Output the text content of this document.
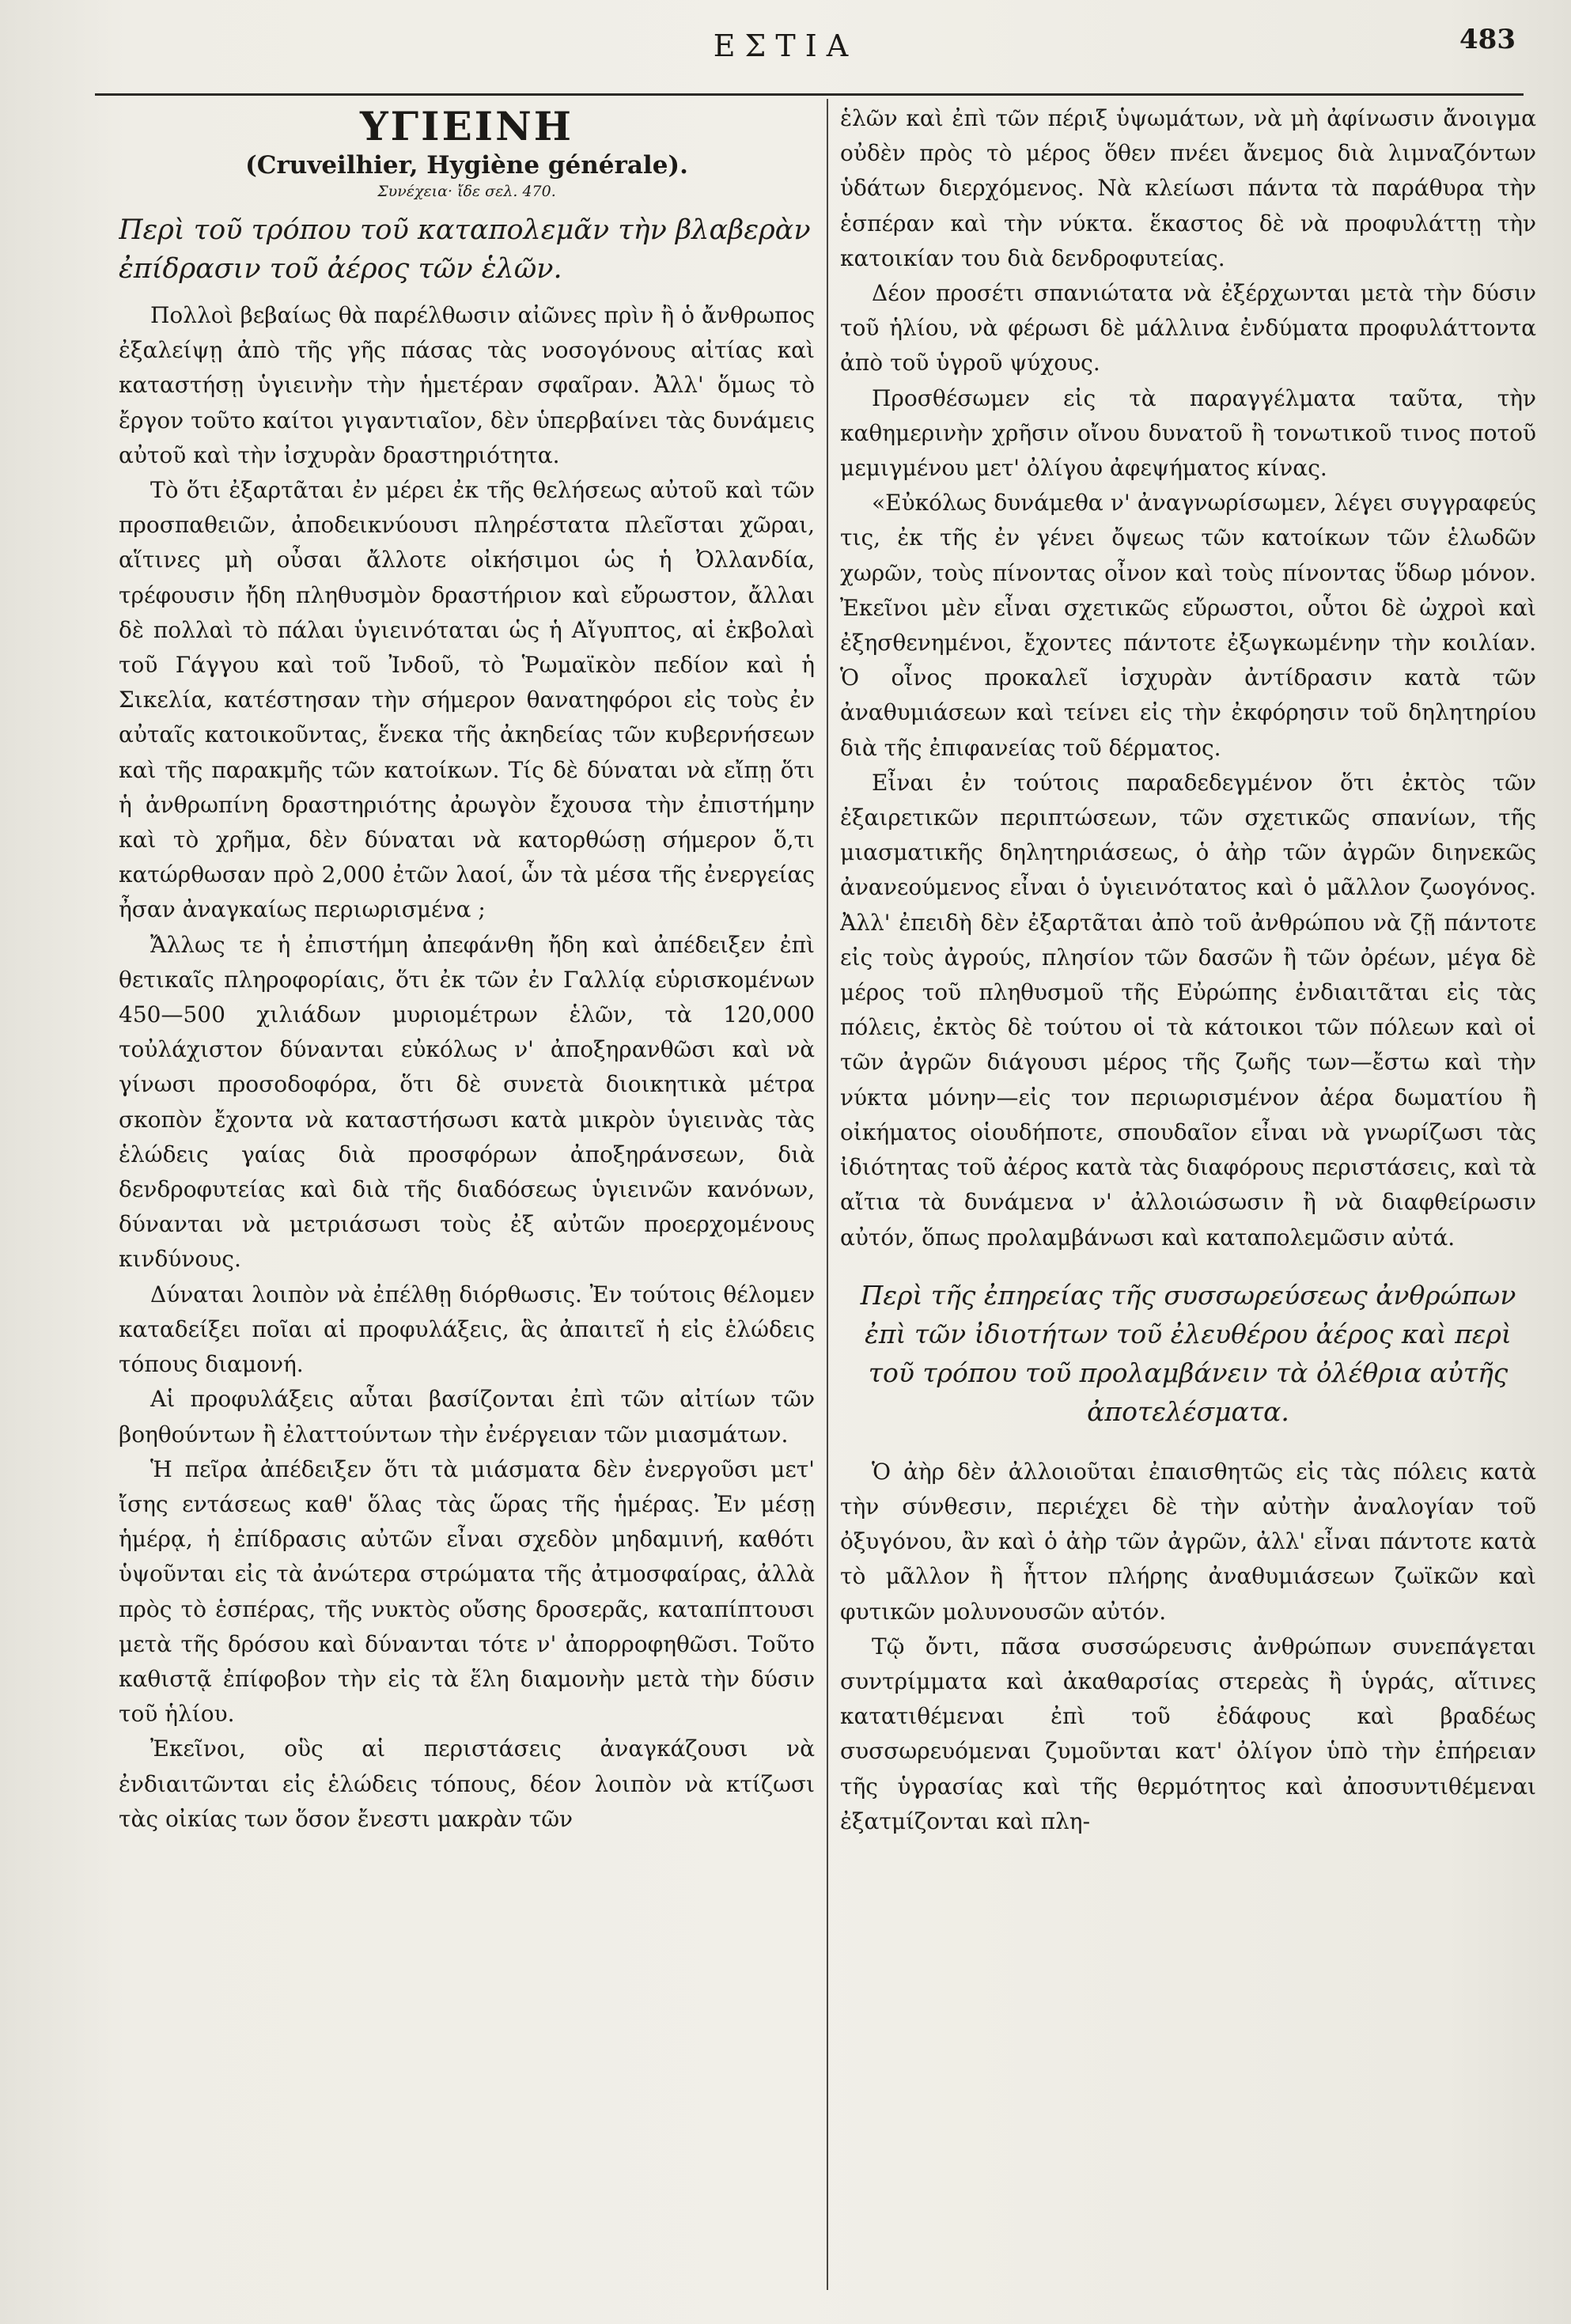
ΕΣΤΙΑ	483
ΥΓΙΕΙΝΗ
(Cruveilhier, Hygiène générale).
Συνέχεια· ἴδε σελ. 470.
Περὶ τοῦ τρόπου τοῦ καταπολεμᾶν τὴν βλαβερὰν ἐπίδρασιν τοῦ ἀέρος τῶν ἑλῶν.

Πολλοὶ βεβαίως θὰ παρέλθωσιν αἰῶνες πρὶν ἢ ὁ ἄνθρωπος ἐξαλείψῃ ἀπὸ τῆς γῆς πάσας τὰς νοσογόνους αἰτίας καὶ καταστήσῃ ὑγιεινὴν τὴν ἡμετέραν σφαῖραν. Ἀλλ' ὅμως τὸ ἔργον τοῦτο καίτοι γιγαντιαῖον, δὲν ὑπερβαίνει τὰς δυνάμεις αὐτοῦ καὶ τὴν ἰσχυρὰν δραστηριότητα.

Τὸ ὅτι ἐξαρτᾶται ἐν μέρει ἐκ τῆς θελήσεως αὐτοῦ καὶ τῶν προσπαθειῶν, ἀποδεικνύουσι πληρέστατα πλεῖσται χῶραι, αἵτινες μὴ οὖσαι ἄλλοτε οἰκήσιμοι ὡς ἡ Ὀλλανδία, τρέφουσιν ἤδη πληθυσμὸν δραστήριον καὶ εὔρωστον, ἄλλαι δὲ πολλαὶ τὸ πάλαι ὑγιεινόταται ὡς ἡ Αἴγυπτος, αἱ ἐκβολαὶ τοῦ Γάγγου καὶ τοῦ Ἰνδοῦ, τὸ Ῥωμαϊκὸν πεδίον καὶ ἡ Σικελία, κατέστησαν τὴν σήμερον θανατηφόροι εἰς τοὺς ἐν αὐταῖς κατοικοῦντας, ἕνεκα τῆς ἀκηδείας τῶν κυβερνήσεων καὶ τῆς παρακμῆς τῶν κατοίκων. Τίς δὲ δύναται νὰ εἴπῃ ὅτι ἡ ἀνθρωπίνη δραστηριότης ἀρωγὸν ἔχουσα τὴν ἐπιστήμην καὶ τὸ χρῆμα, δὲν δύναται νὰ κατορθώσῃ σήμερον ὅ,τι κατώρθωσαν πρὸ 2,000 ἐτῶν λαοί, ὧν τὰ μέσα τῆς ἐνεργείας ἦσαν ἀναγκαίως περιωρισμένα ;

Ἄλλως τε ἡ ἐπιστήμη ἀπεφάνθη ἤδη καὶ ἀπέδειξεν ἐπὶ θετικαῖς πληροφορίαις, ὅτι ἐκ τῶν ἐν Γαλλίᾳ εὑρισκομένων 450—500 χιλιάδων μυριομέτρων ἑλῶν, τὰ 120,000 τοὐλάχιστον δύνανται εὐκόλως ν' ἀποξηρανθῶσι καὶ νὰ γίνωσι προσοδοφόρα, ὅτι δὲ συνετὰ διοικητικὰ μέτρα σκοπὸν ἔχοντα νὰ καταστήσωσι κατὰ μικρὸν ὑγιεινὰς τὰς ἑλώδεις γαίας διὰ προσφόρων ἀποξηράνσεων, διὰ δενδροφυτείας καὶ διὰ τῆς διαδόσεως ὑγιεινῶν κανόνων, δύνανται νὰ μετριάσωσι τοὺς ἐξ αὐτῶν προερχομένους κινδύνους.

Δύναται λοιπὸν νὰ ἐπέλθῃ διόρθωσις. Ἐν τούτοις θέλομεν καταδείξει ποῖαι αἱ προφυλάξεις, ἃς ἀπαιτεῖ ἡ εἰς ἑλώδεις τόπους διαμονή.

Αἱ προφυλάξεις αὗται βασίζονται ἐπὶ τῶν αἰτίων τῶν βοηθούντων ἢ ἐλαττούντων τὴν ἐνέργειαν τῶν μιασμάτων.

Ἡ πεῖρα ἀπέδειξεν ὅτι τὰ μιάσματα δὲν ἐνεργοῦσι μετ' ἴσης εντάσεως καθ' ὅλας τὰς ὥρας τῆς ἡμέρας. Ἐν μέσῃ ἡμέρᾳ, ἡ ἐπίδρασις αὐτῶν εἶναι σχεδὸν μηδαμινή, καθότι ὑψοῦνται εἰς τὰ ἀνώτερα στρώματα τῆς ἀτμοσφαίρας, ἀλλὰ πρὸς τὸ ἑσπέρας, τῆς νυκτὸς οὔσης δροσερᾶς, καταπίπτουσι μετὰ τῆς δρόσου καὶ δύνανται τότε ν' ἀπορροφηθῶσι. Τοῦτο καθιστᾷ ἐπίφοβον τὴν εἰς τὰ ἕλη διαμονὴν μετὰ τὴν δύσιν τοῦ ἡλίου.

Ἐκεῖνοι, οὓς αἱ περιστάσεις ἀναγκάζουσι νὰ ἐνδιαιτῶνται εἰς ἑλώδεις τόπους, δέον λοιπὸν νὰ κτίζωσι τὰς οἰκίας των ὅσον ἔνεστι μακρὰν τῶν

ἑλῶν καὶ ἐπὶ τῶν πέριξ ὑψωμάτων, νὰ μὴ ἀφίνωσιν ἄνοιγμα οὐδὲν πρὸς τὸ μέρος ὅθεν πνέει ἄνεμος διὰ λιμναζόντων ὑδάτων διερχόμενος. Νὰ κλείωσι πάντα τὰ παράθυρα τὴν ἑσπέραν καὶ τὴν νύκτα. ἕκαστος δὲ νὰ προφυλάττῃ τὴν κατοικίαν του διὰ δενδροφυτείας.

Δέον προσέτι σπανιώτατα νὰ ἐξέρχωνται μετὰ τὴν δύσιν τοῦ ἡλίου, νὰ φέρωσι δὲ μάλλινα ἐνδύματα προφυλάττοντα ἀπὸ τοῦ ὑγροῦ ψύχους.

Προσθέσωμεν εἰς τὰ παραγγέλματα ταῦτα, τὴν καθημερινὴν χρῆσιν οἴνου δυνατοῦ ἢ τονωτικοῦ τινος ποτοῦ μεμιγμένου μετ' ὀλίγου ἀφεψήματος κίνας.

«Εὐκόλως δυνάμεθα ν' ἀναγνωρίσωμεν, λέγει συγγραφεύς τις, ἐκ τῆς ἐν γένει ὄψεως τῶν κατοίκων τῶν ἑλωδῶν χωρῶν, τοὺς πίνοντας οἶνον καὶ τοὺς πίνοντας ὕδωρ μόνον. Ἐκεῖνοι μὲν εἶναι σχετικῶς εὔρωστοι, οὗτοι δὲ ὠχροὶ καὶ ἐξησθενημένοι, ἔχοντες πάντοτε ἐξωγκωμένην τὴν κοιλίαν. Ὁ οἶνος προκαλεῖ ἰσχυρὰν ἀντίδρασιν κατὰ τῶν ἀναθυμιάσεων καὶ τείνει εἰς τὴν ἐκφόρησιν τοῦ δηλητηρίου διὰ τῆς ἐπιφανείας τοῦ δέρματος.

Εἶναι ἐν τούτοις παραδεδεγμένον ὅτι ἐκτὸς τῶν ἐξαιρετικῶν περιπτώσεων, τῶν σχετικῶς σπανίων, τῆς μιασματικῆς δηλητηριάσεως, ὁ ἀὴρ τῶν ἀγρῶν διηνεκῶς ἀνανεούμενος εἶναι ὁ ὑγιεινότατος καὶ ὁ μᾶλλον ζωογόνος. Ἀλλ' ἐπειδὴ δὲν ἐξαρτᾶται ἀπὸ τοῦ ἀνθρώπου νὰ ζῇ πάντοτε εἰς τοὺς ἀγρούς, πλησίον τῶν δασῶν ἢ τῶν ὀρέων, μέγα δὲ μέρος τοῦ πληθυσμοῦ τῆς Εὐρώπης ἐνδιαιτᾶται εἰς τὰς πόλεις, ἐκτὸς δὲ τούτου οἱ τὰ κάτοικοι τῶν πόλεων καὶ οἱ τῶν ἀγρῶν διάγουσι μέρος τῆς ζωῆς των—ἔστω καὶ τὴν νύκτα μόνην—εἰς τον περιωρισμένον ἀέρα δωματίου ἢ οἰκήματος οἱουδήποτε, σπουδαῖον εἶναι νὰ γνωρίζωσι τὰς ἰδιότητας τοῦ ἀέρος κατὰ τὰς διαφόρους περιστάσεις, καὶ τὰ αἴτια τὰ δυνάμενα ν' ἀλλοιώσωσιν ἢ νὰ διαφθείρωσιν αὐτόν, ὅπως προλαμβάνωσι καὶ καταπολεμῶσιν αὐτά.

Περὶ τῆς ἐπηρείας τῆς συσσωρεύσεως ἀνθρώπων ἐπὶ τῶν ἰδιοτήτων τοῦ ἐλευθέρου ἀέρος καὶ περὶ τοῦ τρόπου τοῦ προλαμβάνειν τὰ ὀλέθρια αὐτῆς ἀποτελέσματα.

Ὁ ἀὴρ δὲν ἀλλοιοῦται ἐπαισθητῶς εἰς τὰς πόλεις κατὰ τὴν σύνθεσιν, περιέχει δὲ τὴν αὐτὴν ἀναλογίαν τοῦ ὀξυγόνου, ἂν καὶ ὁ ἀὴρ τῶν ἀγρῶν, ἀλλ' εἶναι πάντοτε κατὰ τὸ μᾶλλον ἢ ἧττον πλήρης ἀναθυμιάσεων ζωϊκῶν καὶ φυτικῶν μολυνουσῶν αὐτόν.

Τῷ ὄντι, πᾶσα συσσώρευσις ἀνθρώπων συνεπάγεται συντρίμματα καὶ ἀκαθαρσίας στερεὰς ἢ ὑγράς, αἵτινες κατατιθέμεναι ἐπὶ τοῦ ἐδάφους καὶ βραδέως συσσωρευόμεναι ζυμοῦνται κατ' ὀλίγον ὑπὸ τὴν ἐπήρειαν τῆς ὑγρασίας καὶ τῆς θερμότητος καὶ ἀποσυντιθέμεναι ἐξατμίζονται καὶ πλη-
